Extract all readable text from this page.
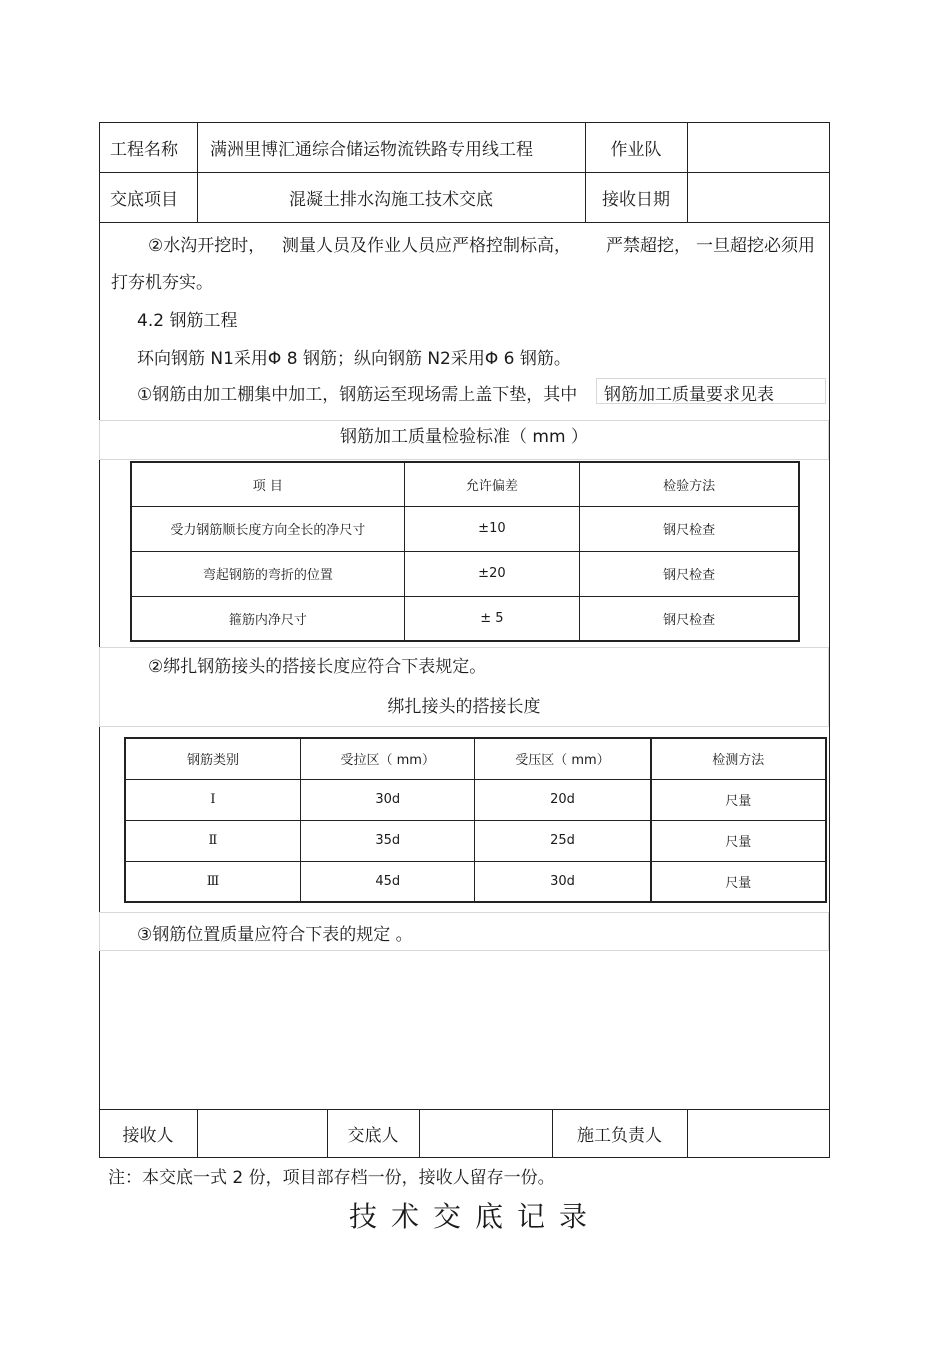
工程名称 满洲里博汇通综合储运物流铁路专用线工程	作业队
交底项目	混凝土排水沟施工技术交底	接收日期
②水沟开挖时， 测量人员及作业人员应严格控制标高， 严禁超挖， 一旦超挖必须用
打夯机夯实。
4.2 钢筋工程
环向钢筋 N1采用Φ 8 钢筋；纵向钢筋 N2采用Φ 6 钢筋。
①钢筋由加工棚集中加工，钢筋运至现场需上盖下垫，其中 钢筋加工质量要求见表
钢筋加工质量检验标准（ mm ）
项 目	允许偏差	检验方法
受力钢筋顺长度方向全长的净尺寸	±10	钢尺检查
弯起钢筋的弯折的位置	±20	钢尺检查
箍筋内净尺寸	± 5	钢尺检查
②绑扎钢筋接头的搭接长度应符合下表规定。
绑扎接头的搭接长度
钢筋类别	受拉区（ mm）	受压区（ mm）	检测方法
Ⅰ	30d	20d	尺量
Ⅱ	35d	25d	尺量
Ⅲ	45d	30d	尺量
③钢筋位置质量应符合下表的规定 。
接收人	交底人	施工负责人
注：本交底一式 2 份，项目部存档一份，接收人留存一份。
技术交底记录
